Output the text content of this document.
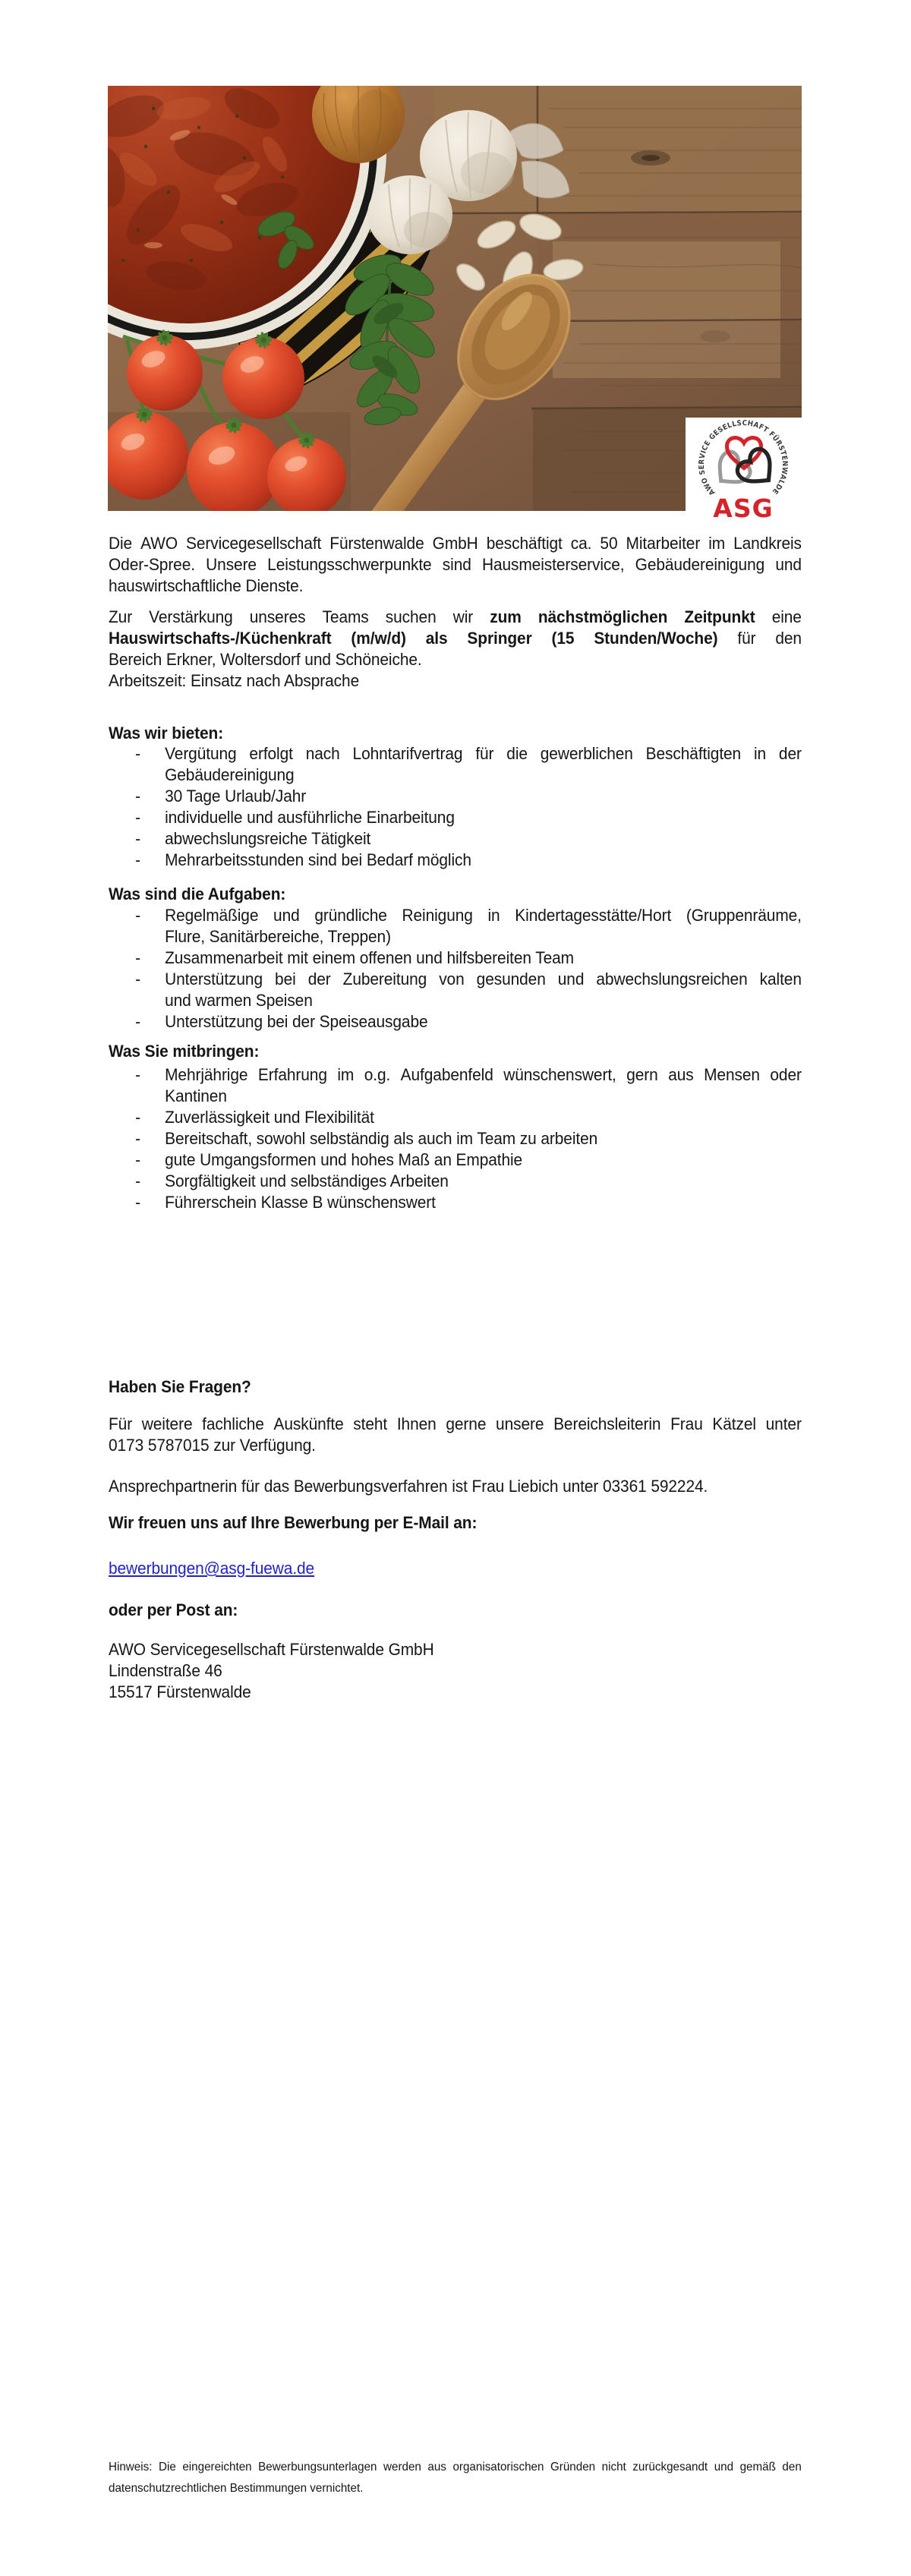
AWO SERVICE GESELLSCHAFT FÜRSTENWALDE
ASG
Die AWO Servicegesellschaft Fürstenwalde GmbH beschäftigt ca. 50 Mitarbeiter im Landkreis
Oder-Spree. Unsere Leistungsschwerpunkte sind Hausmeisterservice, Gebäudereinigung und
hauswirtschaftliche Dienste.
Zur Verstärkung unseres Teams suchen wir zum nächstmöglichen Zeitpunkt eine
Hauswirtschafts-/Küchenkraft (m/w/d) als Springer (15 Stunden/Woche) für den
Bereich Erkner, Woltersdorf und Schöneiche.
Arbeitszeit: Einsatz nach Absprache
Was wir bieten:
- Vergütung erfolgt nach Lohntarifvertrag für die gewerblichen Beschäftigten in der
Gebäudereinigung
- 30 Tage Urlaub/Jahr
- individuelle und ausführliche Einarbeitung
- abwechslungsreiche Tätigkeit
- Mehrarbeitsstunden sind bei Bedarf möglich
Was sind die Aufgaben:
- Regelmäßige und gründliche Reinigung in Kindertagesstätte/Hort (Gruppenräume,
Flure, Sanitärbereiche, Treppen)
- Zusammenarbeit mit einem offenen und hilfsbereiten Team
- Unterstützung bei der Zubereitung von gesunden und abwechslungsreichen kalten
und warmen Speisen
- Unterstützung bei der Speiseausgabe
Was Sie mitbringen:
- Mehrjährige Erfahrung im o.g. Aufgabenfeld wünschenswert, gern aus Mensen oder
Kantinen
- Zuverlässigkeit und Flexibilität
- Bereitschaft, sowohl selbständig als auch im Team zu arbeiten
- gute Umgangsformen und hohes Maß an Empathie
- Sorgfältigkeit und selbständiges Arbeiten
- Führerschein Klasse B wünschenswert
Haben Sie Fragen?
Für weitere fachliche Auskünfte steht Ihnen gerne unsere Bereichsleiterin Frau Kätzel unter
0173 5787015 zur Verfügung.
Ansprechpartnerin für das Bewerbungsverfahren ist Frau Liebich unter 03361 592224.
Wir freuen uns auf Ihre Bewerbung per E-Mail an:
bewerbungen@asg-fuewa.de
oder per Post an:
AWO Servicegesellschaft Fürstenwalde GmbH
Lindenstraße 46
15517 Fürstenwalde
Hinweis: Die eingereichten Bewerbungsunterlagen werden aus organisatorischen Gründen nicht zurückgesandt und gemäß den
datenschutzrechtlichen Bestimmungen vernichtet.
